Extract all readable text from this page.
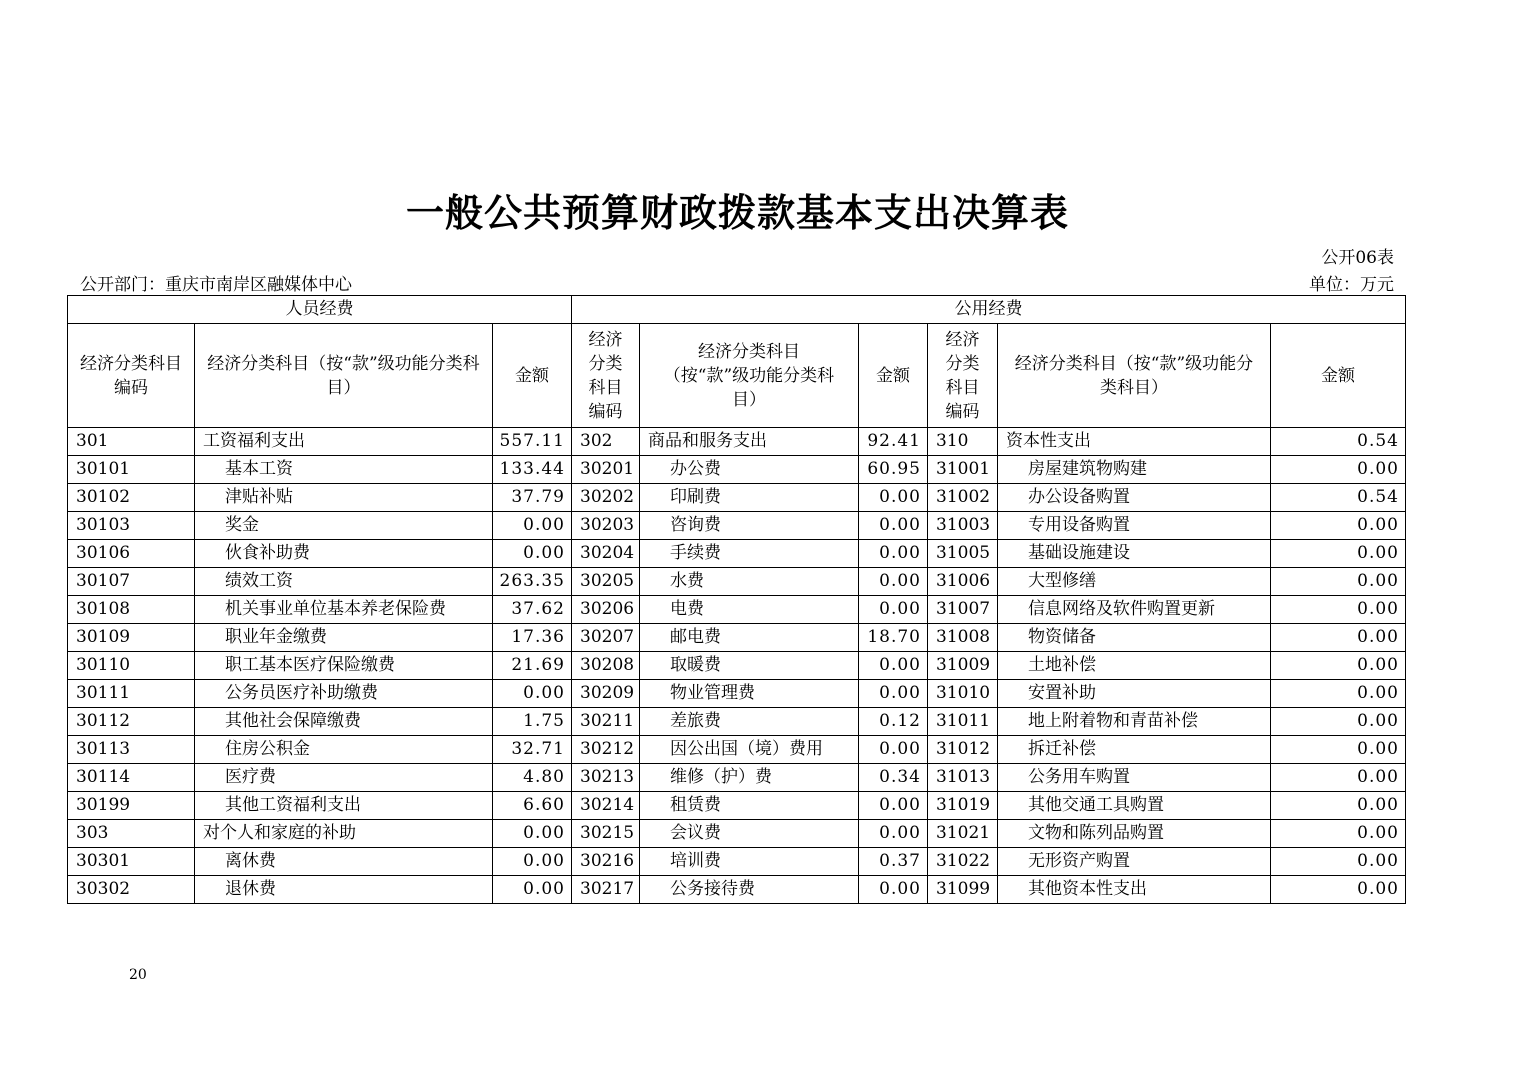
一般公共预算财政拨款基本支出决算表
公开06表
公开部门：重庆市南岸区融媒体中心	单位：万元
人员经费			公用经费					
经济分类科目编码	经济分类科目（按“款”级功能分类科目）	金额	经济分类科目编码	经济分类科目（按“款”级功能分类科目）	金额	经济分类科目编码	经济分类科目（按“款”级功能分类科目）	金额
301	工资福利支出	557.11	302	商品和服务支出	92.41	310	资本性支出	0.54
30101	基本工资	133.44	30201	办公费	60.95	31001	房屋建筑物购建	0.00
30102	津贴补贴	37.79	30202	印刷费	0.00	31002	办公设备购置	0.54
30103	奖金	0.00	30203	咨询费	0.00	31003	专用设备购置	0.00
30106	伙食补助费	0.00	30204	手续费	0.00	31005	基础设施建设	0.00
30107	绩效工资	263.35	30205	水费	0.00	31006	大型修缮	0.00
30108	机关事业单位基本养老保险费	37.62	30206	电费	0.00	31007	信息网络及软件购置更新	0.00
30109	职业年金缴费	17.36	30207	邮电费	18.70	31008	物资储备	0.00
30110	职工基本医疗保险缴费	21.69	30208	取暖费	0.00	31009	土地补偿	0.00
30111	公务员医疗补助缴费	0.00	30209	物业管理费	0.00	31010	安置补助	0.00
30112	其他社会保障缴费	1.75	30211	差旅费	0.12	31011	地上附着物和青苗补偿	0.00
30113	住房公积金	32.71	30212	因公出国（境）费用	0.00	31012	拆迁补偿	0.00
30114	医疗费	4.80	30213	维修（护）费	0.34	31013	公务用车购置	0.00
30199	其他工资福利支出	6.60	30214	租赁费	0.00	31019	其他交通工具购置	0.00
303	对个人和家庭的补助	0.00	30215	会议费	0.00	31021	文物和陈列品购置	0.00
30301	离休费	0.00	30216	培训费	0.37	31022	无形资产购置	0.00
30302	退休费	0.00	30217	公务接待费	0.00	31099	其他资本性支出	0.00
20
